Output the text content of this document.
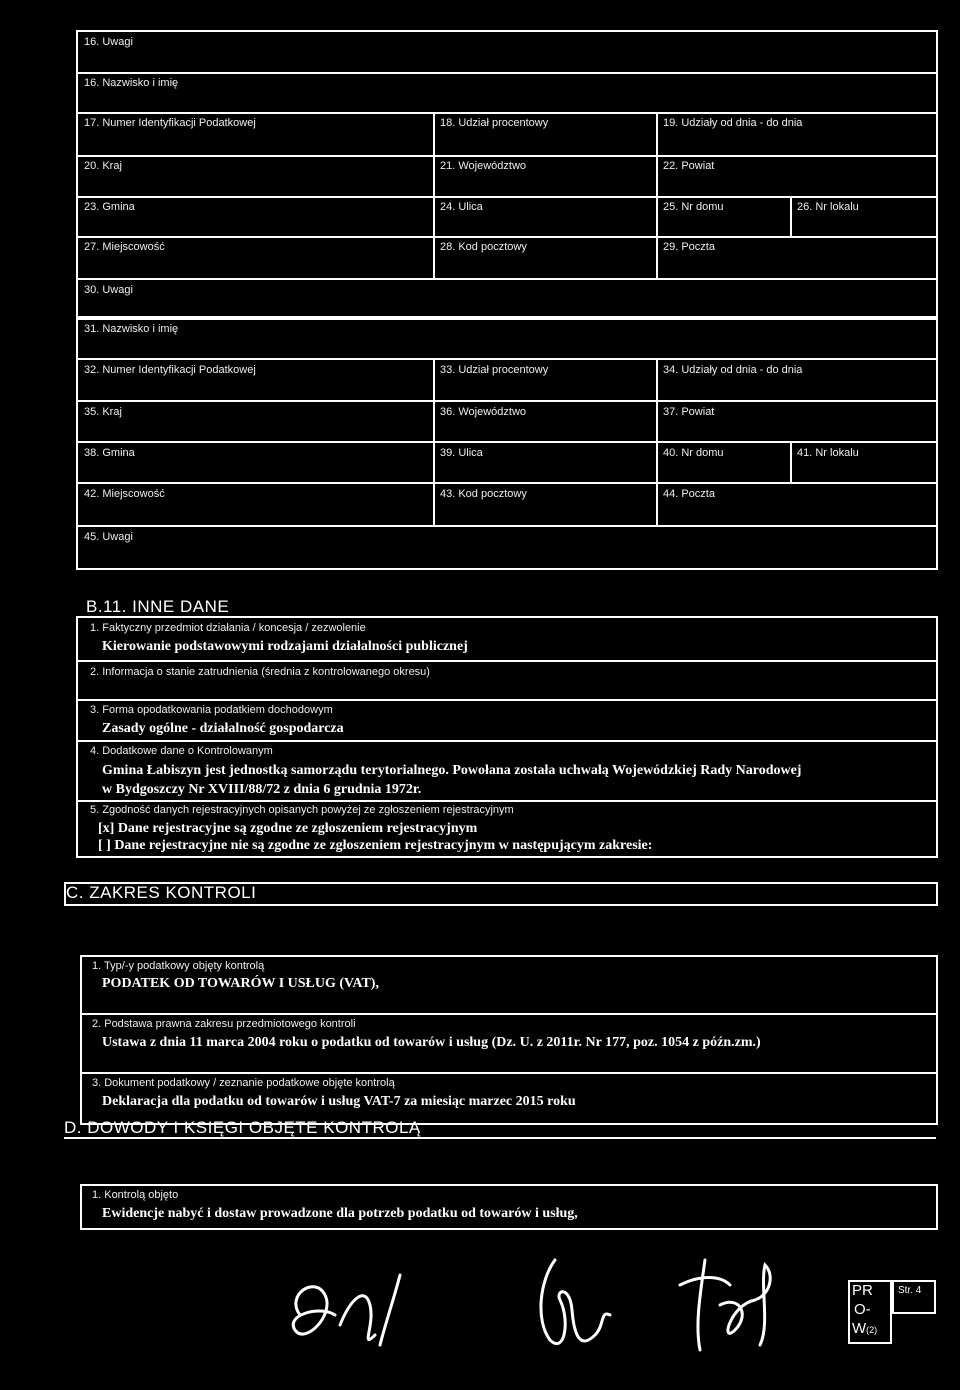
16. Uwagi
16. Nazwisko i imię
17. Numer Identyfikacji Podatkowej	18. Udział procentowy	19. Udziały od dnia - do dnia
20. Kraj	21. Województwo	22. Powiat
23. Gmina	24. Ulica	25. Nr domu	26. Nr lokalu
27. Miejscowość	28. Kod pocztowy	29. Poczta
30. Uwagi
31. Nazwisko i imię
32. Numer Identyfikacji Podatkowej	33. Udział procentowy	34. Udziały od dnia - do dnia
35. Kraj	36. Województwo	37. Powiat
38. Gmina	39. Ulica	40. Nr domu	41. Nr lokalu
42. Miejscowość	43. Kod pocztowy	44. Poczta
45. Uwagi
B.11. INNE DANE
1. Faktyczny przedmiot działania / koncesja / zezwolenie
Kierowanie podstawowymi rodzajami działalności publicznej
2. Informacja o stanie zatrudnienia (średnia z kontrolowanego okresu)
3. Forma opodatkowania podatkiem dochodowym
Zasady ogólne - działalność gospodarcza
4. Dodatkowe dane o Kontrolowanym
Gmina Łabiszyn jest jednostką samorządu terytorialnego. Powołana została uchwałą Wojewódzkiej Rady Narodowej
w Bydgoszczy Nr XVIII/88/72 z dnia 6 grudnia 1972r.
5. Zgodność danych rejestracyjnych opisanych powyżej ze zgłoszeniem rejestracyjnym
[x] Dane rejestracyjne są zgodne ze zgłoszeniem rejestracyjnym
[ ] Dane rejestracyjne nie są zgodne ze zgłoszeniem rejestracyjnym w następującym zakresie:
C. ZAKRES KONTROLI
1. Typ/-y podatkowy objęty kontrolą
PODATEK OD TOWARÓW I USŁUG (VAT),
2. Podstawa prawna zakresu przedmiotowego kontroli
Ustawa z dnia 11 marca 2004 roku o podatku od towarów i usług (Dz. U. z 2011r. Nr 177, poz. 1054 z późn.zm.)
3. Dokument podatkowy / zeznanie podatkowe objęte kontrolą
Deklaracja dla podatku od towarów i usług VAT-7 za miesiąc marzec 2015 roku
D. DOWODY I KSIĘGI OBJĘTE KONTROLĄ
1. Kontrolą objęto
Ewidencje nabyć i dostaw prowadzone dla potrzeb podatku od towarów i usług,
PR
O-
W(2)
Str. 4
